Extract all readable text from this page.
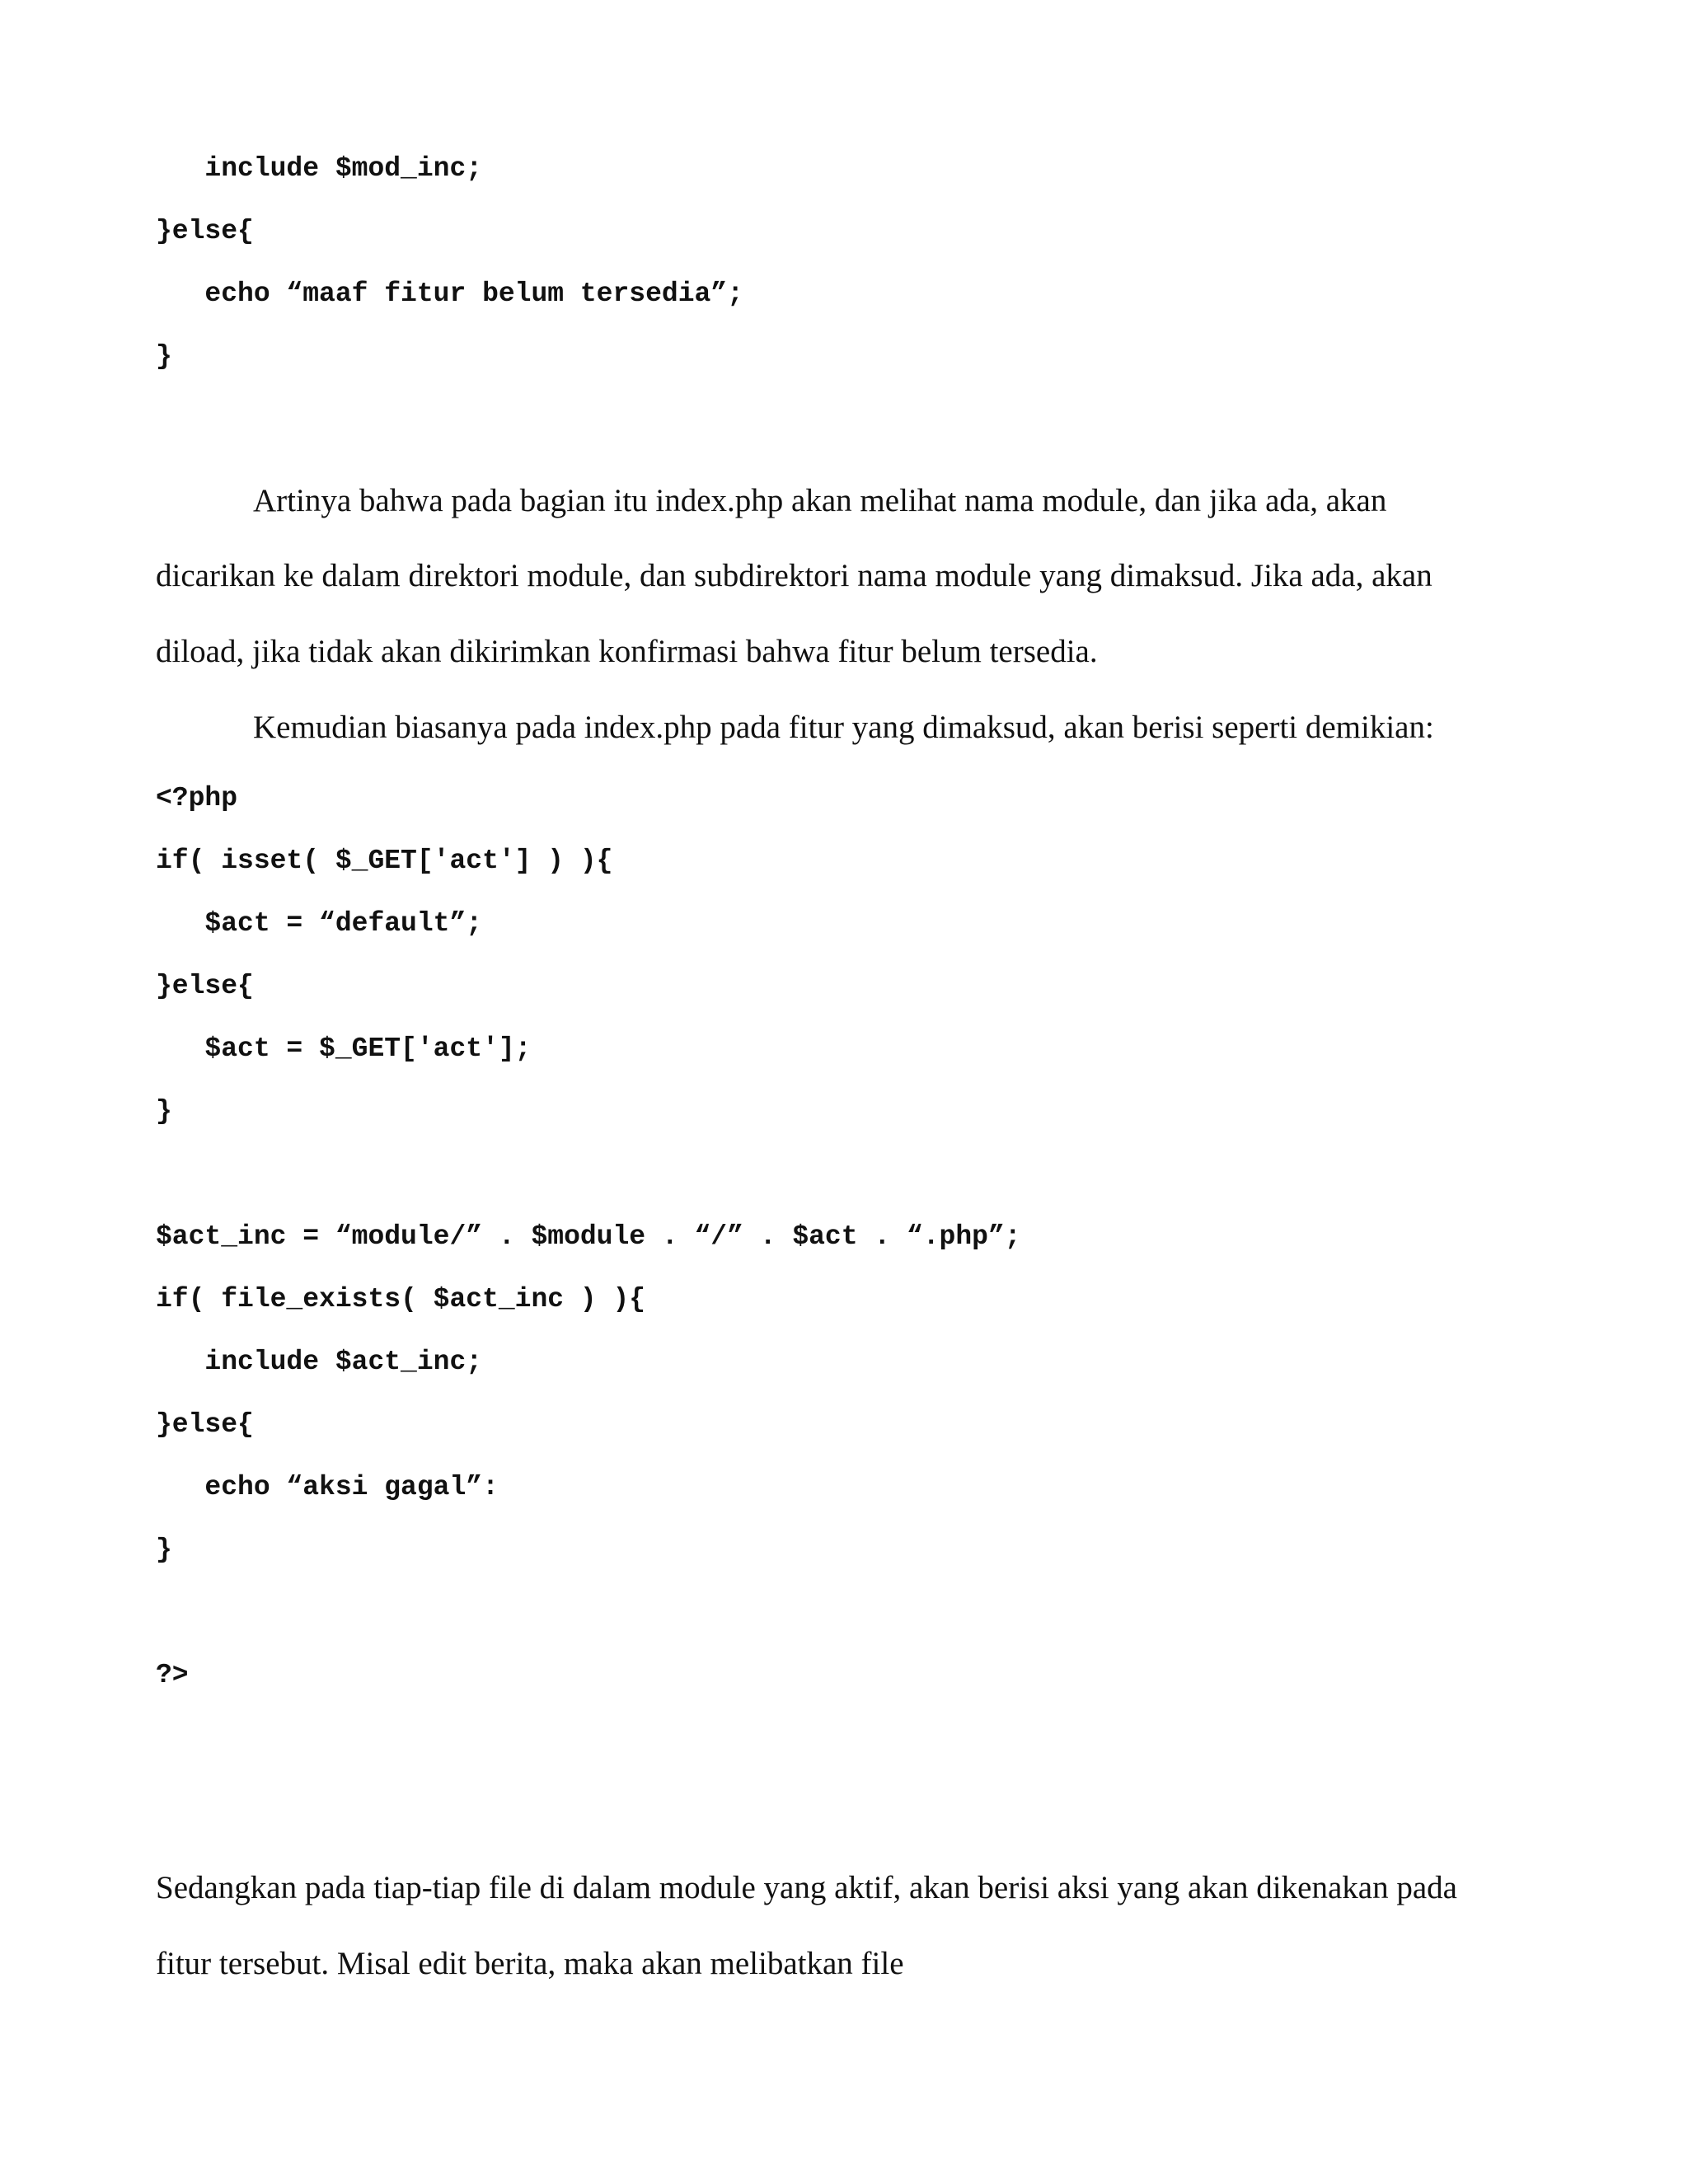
include $mod_inc;
}else{
echo “maaf fitur belum tersedia”;
}
Artinya bahwa pada bagian itu index.php akan melihat nama module, dan jika ada, akan
dicarikan ke dalam direktori module, dan subdirektori nama module yang dimaksud. Jika ada, akan
diload, jika tidak akan dikirimkan konfirmasi bahwa fitur belum tersedia.
Kemudian biasanya pada index.php pada fitur yang dimaksud, akan berisi seperti demikian:
<?php
if( isset( $_GET['act'] ) ){
$act = “default”;
}else{
$act = $_GET['act'];
}
$act_inc = “module/” . $module . “/” . $act . “.php”;
if( file_exists( $act_inc ) ){
include $act_inc;
}else{
echo “aksi gagal”:
}
?>
Sedangkan pada tiap-tiap file di dalam module yang aktif, akan berisi aksi yang akan dikenakan pada
fitur tersebut. Misal edit berita, maka akan melibatkan file
